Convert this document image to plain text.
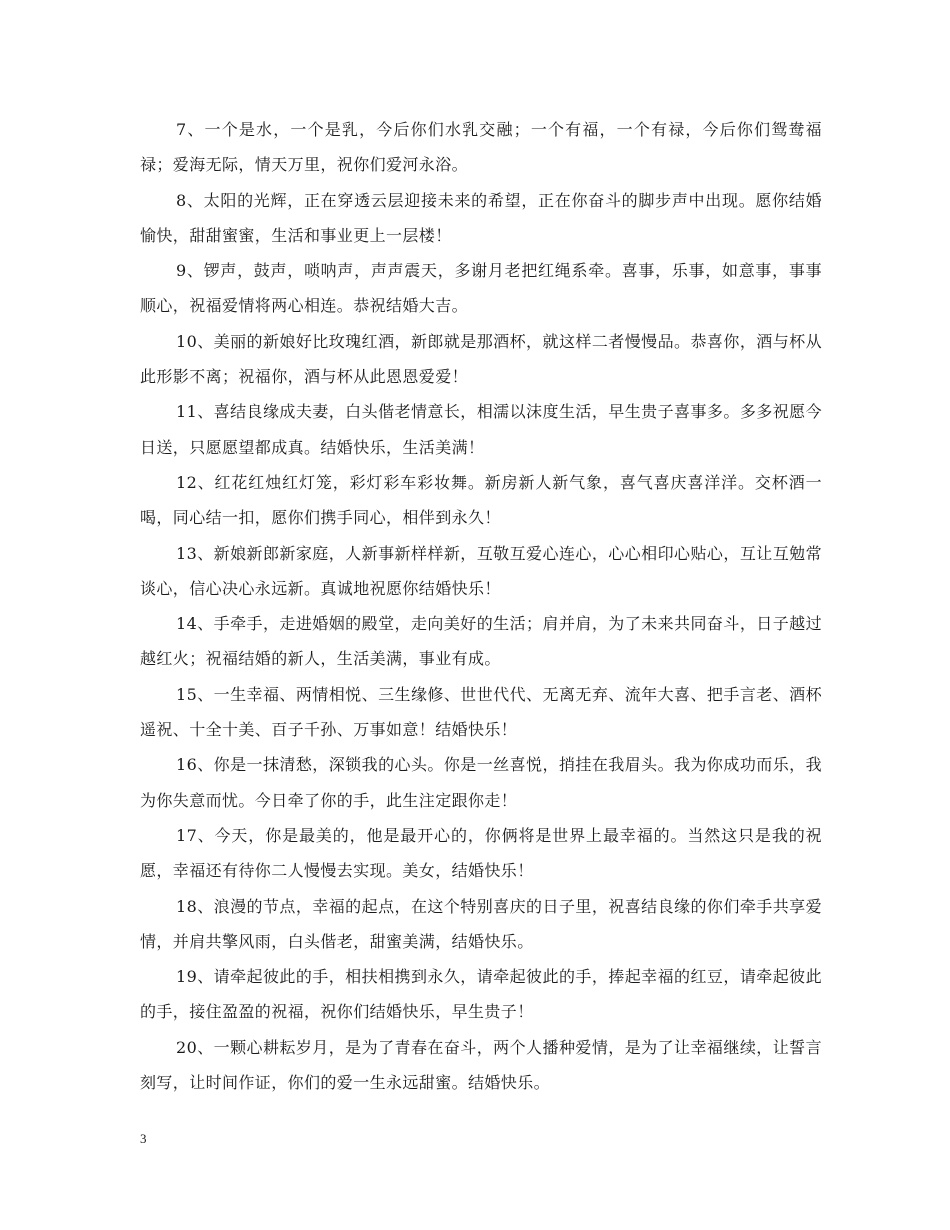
7、一个是水，一个是乳，今后你们水乳交融；一个有福，一个有禄，今后你们鸳鸯福禄；爱海无际，情天万里，祝你们爱河永浴。

8、太阳的光辉，正在穿透云层迎接未来的希望，正在你奋斗的脚步声中出现。愿你结婚愉快，甜甜蜜蜜，生活和事业更上一层楼！

9、锣声，鼓声，唢呐声，声声震天，多谢月老把红绳系牵。喜事，乐事，如意事，事事顺心，祝福爱情将两心相连。恭祝结婚大吉。

10、美丽的新娘好比玫瑰红酒，新郎就是那酒杯，就这样二者慢慢品。恭喜你，酒与杯从此形影不离；祝福你，酒与杯从此恩恩爱爱！

11、喜结良缘成夫妻，白头偕老情意长，相濡以沫度生活，早生贵子喜事多。多多祝愿今日送，只愿愿望都成真。结婚快乐，生活美满！

12、红花红烛红灯笼，彩灯彩车彩妆舞。新房新人新气象，喜气喜庆喜洋洋。交杯酒一喝，同心结一扣，愿你们携手同心，相伴到永久！

13、新娘新郎新家庭，人新事新样样新，互敬互爱心连心，心心相印心贴心，互让互勉常谈心，信心决心永远新。真诚地祝愿你结婚快乐！

14、手牵手，走进婚姻的殿堂，走向美好的生活；肩并肩，为了未来共同奋斗，日子越过越红火；祝福结婚的新人，生活美满，事业有成。

15、一生幸福、两情相悦、三生缘修、世世代代、无离无弃、流年大喜、把手言老、酒杯遥祝、十全十美、百子千孙、万事如意！结婚快乐！

16、你是一抹清愁，深锁我的心头。你是一丝喜悦，捎挂在我眉头。我为你成功而乐，我为你失意而忧。今日牵了你的手，此生注定跟你走！

17、今天，你是最美的，他是最开心的，你俩将是世界上最幸福的。当然这只是我的祝愿，幸福还有待你二人慢慢去实现。美女，结婚快乐！

18、浪漫的节点，幸福的起点，在这个特别喜庆的日子里，祝喜结良缘的你们牵手共享爱情，并肩共擎风雨，白头偕老，甜蜜美满，结婚快乐。

19、请牵起彼此的手，相扶相携到永久，请牵起彼此的手，捧起幸福的红豆，请牵起彼此的手，接住盈盈的祝福，祝你们结婚快乐，早生贵子！

20、一颗心耕耘岁月，是为了青春在奋斗，两个人播种爱情，是为了让幸福继续，让誓言刻写，让时间作证，你们的爱一生永远甜蜜。结婚快乐。

3
